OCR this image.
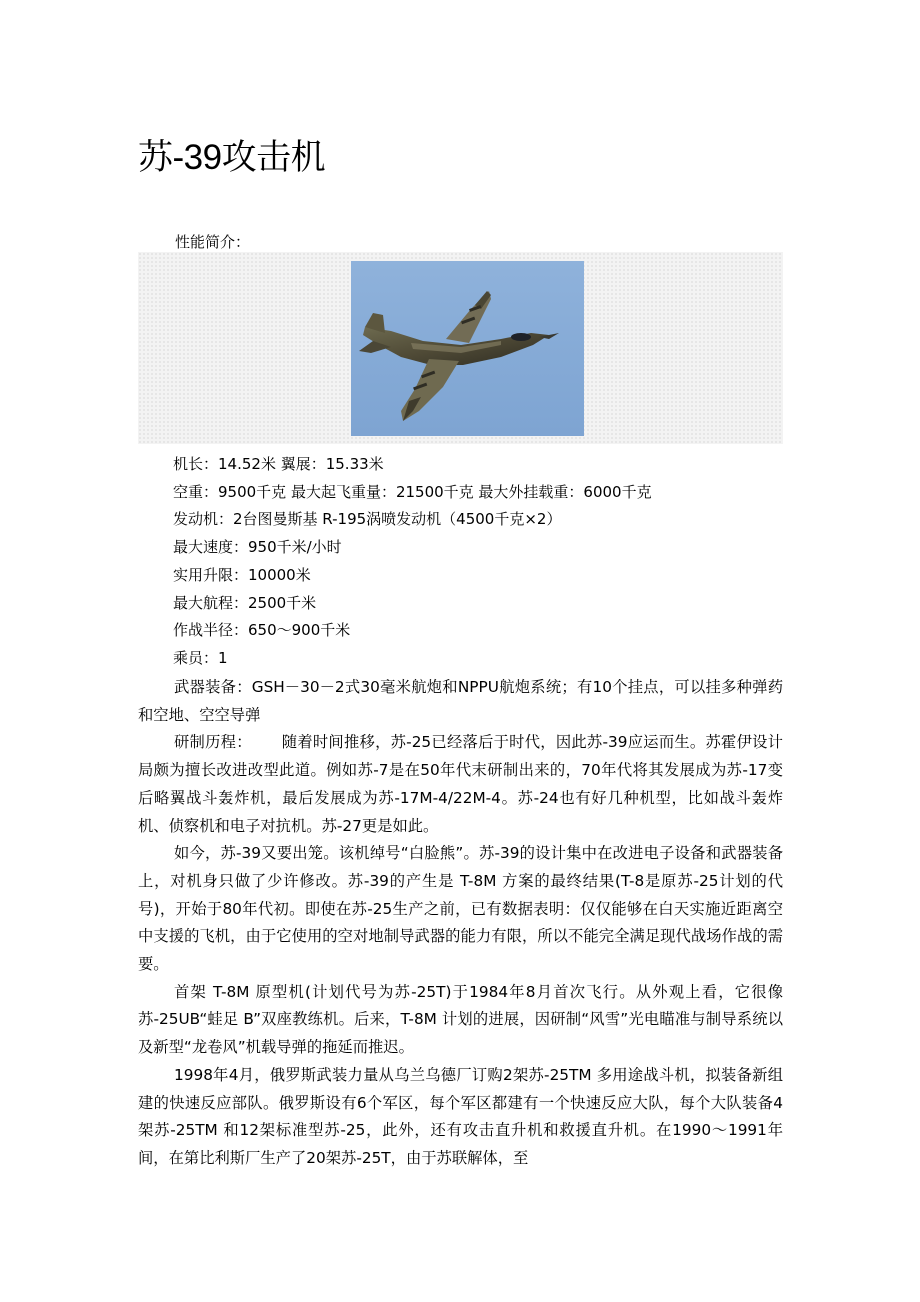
苏-39攻击机
性能简介：
机长：14.52米 翼展：15.33米
空重：9500千克 最大起飞重量：21500千克 最大外挂载重：6000千克
发动机：2台图曼斯基 R-195涡喷发动机（4500千克×2）
最大速度：950千米/小时
实用升限：10000米
最大航程：2500千米
作战半径：650～900千米
乘员：1

武器装备：GSH－30－2式30毫米航炮和NPPU航炮系统；有10个挂点，可以挂多种弹药和空地、空空导弹

研制历程： 随着时间推移，苏-25已经落后于时代，因此苏-39应运而生。苏霍伊设计局颇为擅长改进改型此道。例如苏-7是在50年代末研制出来的，70年代将其发展成为苏-17变后略翼战斗轰炸机，最后发展成为苏-17M-4/22M-4。苏-24也有好几种机型，比如战斗轰炸机、侦察机和电子对抗机。苏-27更是如此。

如今，苏-39又要出笼。该机绰号“白脸熊”。苏-39的设计集中在改进电子设备和武器装备上，对机身只做了少许修改。苏-39的产生是 T-8M 方案的最终结果(T-8是原苏-25计划的代号)，开始于80年代初。即使在苏-25生产之前，已有数据表明：仅仅能够在白天实施近距离空中支援的飞机，由于它使用的空对地制导武器的能力有限，所以不能完全满足现代战场作战的需要。

首架 T-8M 原型机(计划代号为苏-25T)于1984年8月首次飞行。从外观上看，它很像苏-25UB“蛙足 B”双座教练机。后来，T-8M 计划的进展，因研制“风雪”光电瞄准与制导系统以及新型“龙卷风”机载导弹的拖延而推迟。

1998年4月，俄罗斯武装力量从乌兰乌德厂订购2架苏-25TM 多用途战斗机，拟装备新组建的快速反应部队。俄罗斯设有6个军区，每个军区都建有一个快速反应大队，每个大队装备4架苏-25TM 和12架标准型苏-25，此外，还有攻击直升机和救援直升机。在1990～1991年间，在第比利斯厂生产了20架苏-25T，由于苏联解体，至
